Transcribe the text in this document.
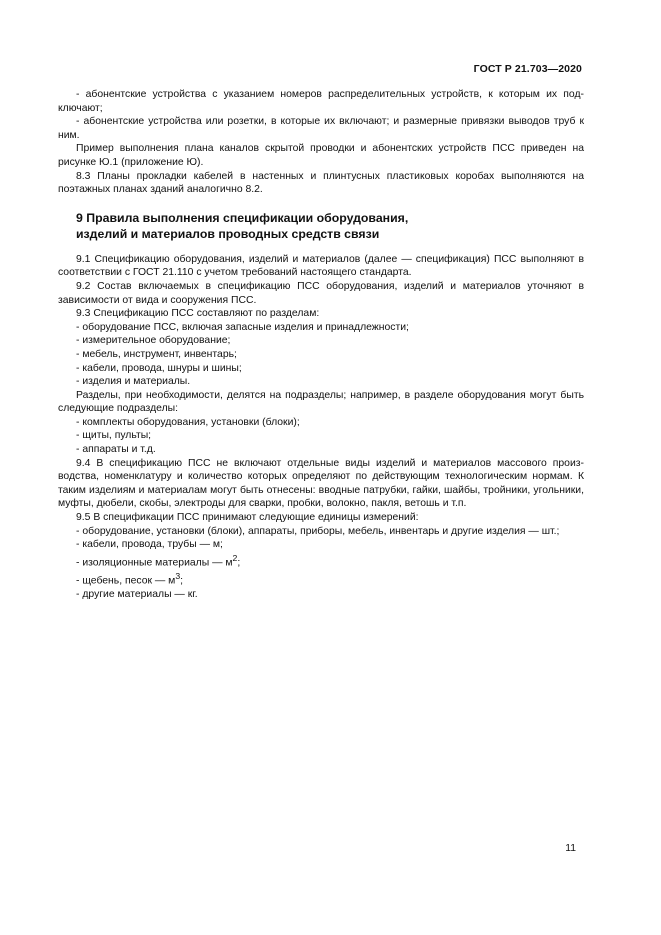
ГОСТ Р 21.703—2020

- абонентские устройства с указанием номеров распределительных устройств, к которым их подключают;

- абонентские устройства или розетки, в которые их включают; и размерные привязки выводов труб к ним.

Пример выполнения плана каналов скрытой проводки и абонентских устройств ПСС приведен на рисунке Ю.1 (приложение Ю).

8.3 Планы прокладки кабелей в настенных и плинтусных пластиковых коробах выполняются на поэтажных планах зданий аналогично 8.2.

9 Правила выполнения спецификации оборудования,
изделий и материалов проводных средств связи

9.1 Спецификацию оборудования, изделий и материалов (далее — спецификация) ПСС выполняют в соответствии с ГОСТ 21.110 с учетом требований настоящего стандарта.

9.2 Состав включаемых в спецификацию ПСС оборудования, изделий и материалов уточняют в зависимости от вида и сооружения ПСС.

9.3 Спецификацию ПСС составляют по разделам:

- оборудование ПСС, включая запасные изделия и принадлежности;

- измерительное оборудование;

- мебель, инструмент, инвентарь;

- кабели, провода, шнуры и шины;

- изделия и материалы.

Разделы, при необходимости, делятся на подразделы; например, в разделе оборудования могут быть следующие подразделы:

- комплекты оборудования, установки (блоки);

- щиты, пульты;

- аппараты и т.д.

9.4 В спецификацию ПСС не включают отдельные виды изделий и материалов массового производства, номенклатуру и количество которых определяют по действующим технологическим нормам. К таким изделиям и материалам могут быть отнесены: вводные патрубки, гайки, шайбы, тройники, угольники, муфты, дюбели, скобы, электроды для сварки, пробки, волокно, пакля, ветошь и т.п.

9.5 В спецификации ПСС принимают следующие единицы измерений:

- оборудование, установки (блоки), аппараты, приборы, мебель, инвентарь и другие изделия — шт.;

- кабели, провода, трубы — м;

- изоляционные материалы — $м^2$;

- щебень, песок — $м^3$;

- другие материалы — кг.

11
